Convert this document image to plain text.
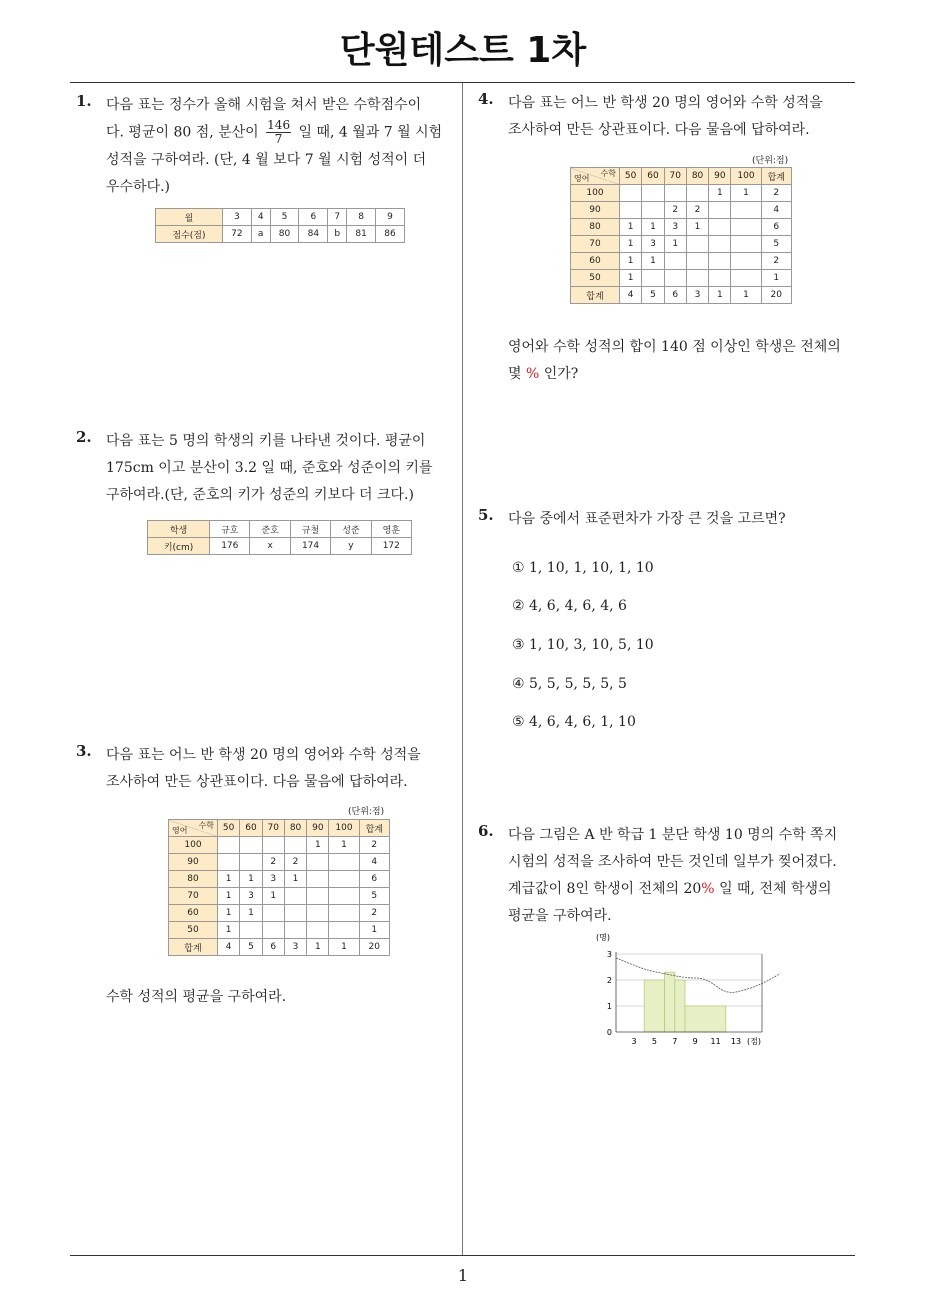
단원테스트 1차
1
1. 다음 표는 정수가 올해 시험을 쳐서 받은 수학점수이
다. 평균이 80 점, 분산이 $\frac{146}{7}$ 일 때, 4 월과 7 월 시험
성적을 구하여라. (단, 4 월 보다 7 월 시험 성적이 더
우수하다.)
월	3	4	5	6	7	8	9
점수(점)	72	a	80	84	b	81	86
2. 다음 표는 5 명의 학생의 키를 나타낸 것이다. 평균이
175cm 이고 분산이 3.2 일 때, 준호와 성준이의 키를
구하여라.(단, 준호의 키가 성준의 키보다 더 크다.)
학생	규호	준호	규철	성준	영훈
키(cm)	176	x	174	y	172
3. 다음 표는 어느 반 학생 20 명의 영어와 수학 성적을
조사하여 만든 상관표이다. 다음 물음에 답하여라.
(단위:점)
수학
영어	50	60	70	80	90	100	합계
100					1	1	2
90			2	2			4
80	1	1	3	1			6
70	1	3	1				5
60	1	1					2
50	1						1
합계	4	5	6	3	1	1	20
수학 성적의 평균을 구하여라.
4. 다음 표는 어느 반 학생 20 명의 영어와 수학 성적을
조사하여 만든 상관표이다. 다음 물음에 답하여라.
(단위:점)
수학
영어	50	60	70	80	90	100	합계
100					1	1	2
90			2	2			4
80	1	1	3	1			6
70	1	3	1				5
60	1	1					2
50	1						1
합계	4	5	6	3	1	1	20
영어와 수학 성적의 합이 140 점 이상인 학생은 전체의
몇 % 인가?
5. 다음 중에서 표준편차가 가장 큰 것을 고르면?
① 1, 10, 1, 10, 1, 10
② 4, 6, 4, 6, 4, 6
③ 1, 10, 3, 10, 5, 10
④ 5, 5, 5, 5, 5, 5
⑤ 4, 6, 4, 6, 1, 10
6. 다음 그림은 A 반 학급 1 분단 학생 10 명의 수학 쪽지
시험의 성적을 조사하여 만든 것인데 일부가 찢어졌다.
계급값이 8인 학생이 전체의 20% 일 때, 전체 학생의
평균을 구하여라.
0
1
2
3
(명)
3 5 7 9 11 13 (점)
